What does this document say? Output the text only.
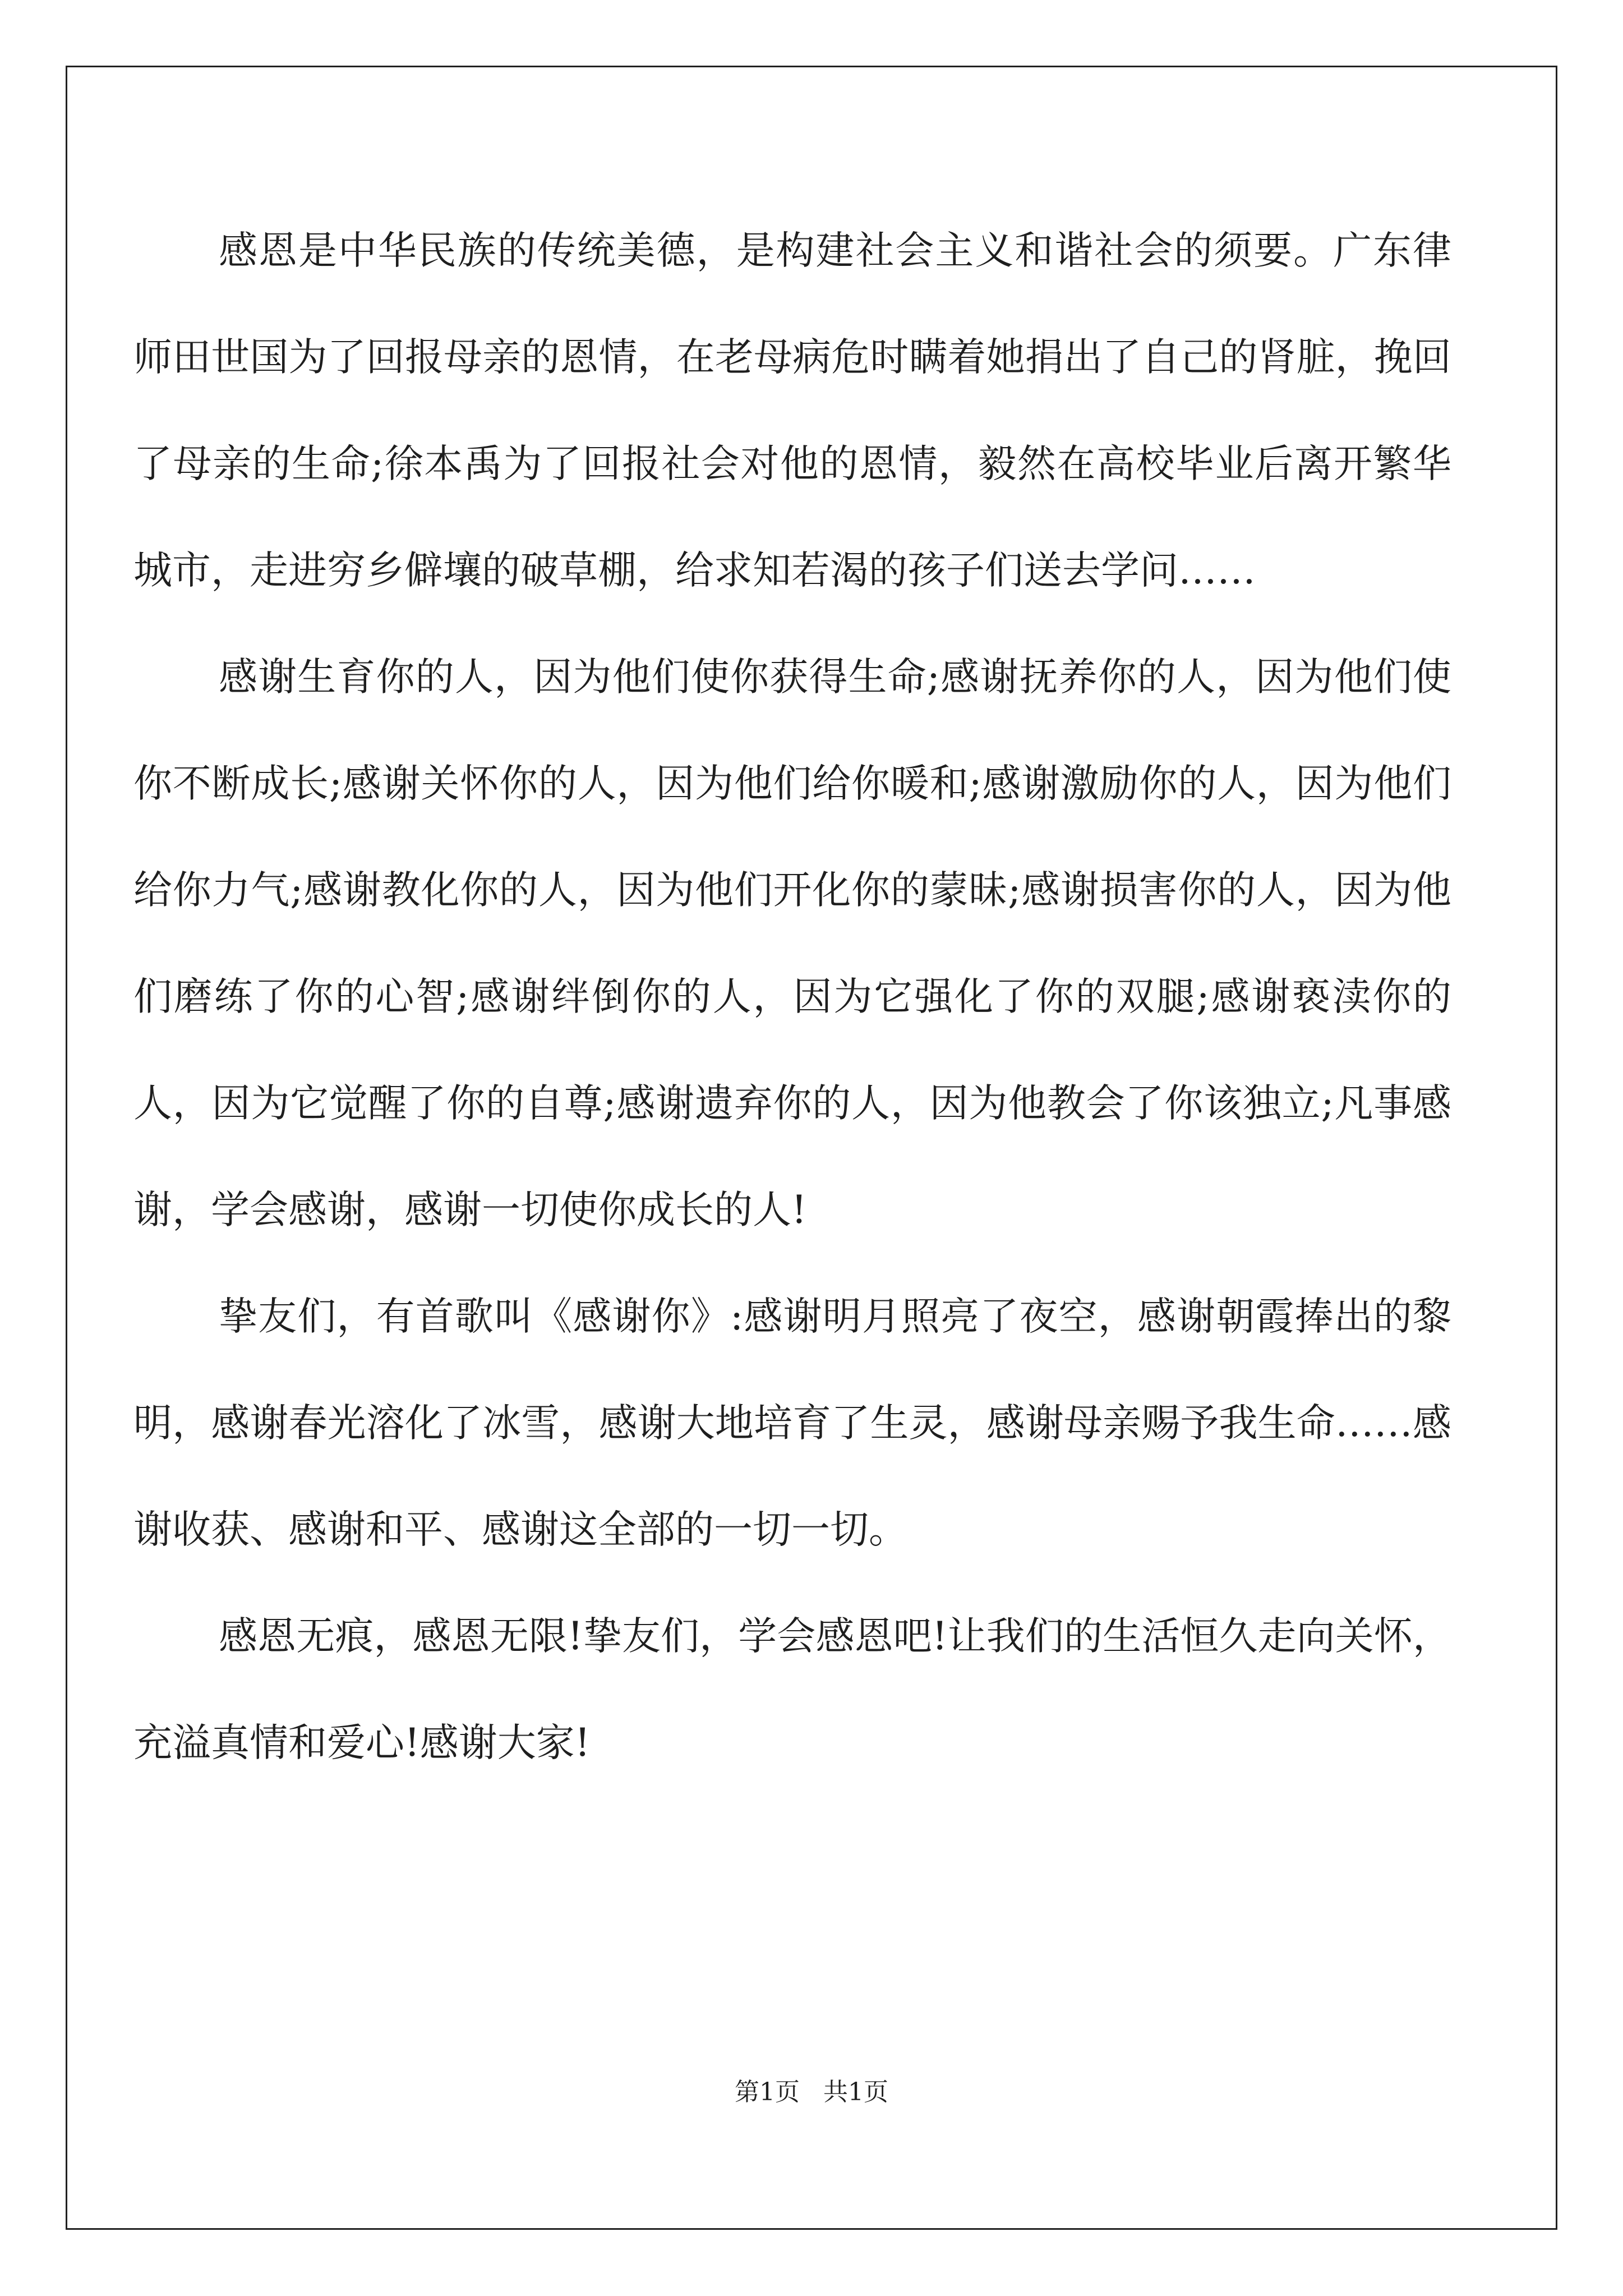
感恩是中华民族的传统美德，是构建社会主义和谐社会的须要。广东律师田世国为了回报母亲的恩情，在老母病危时瞒着她捐出了自己的肾脏，挽回了母亲的生命;徐本禹为了回报社会对他的恩情，毅然在高校毕业后离开繁华城市，走进穷乡僻壤的破草棚，给求知若渴的孩子们送去学问……

感谢生育你的人，因为他们使你获得生命;感谢抚养你的人，因为他们使你不断成长;感谢关怀你的人，因为他们给你暖和;感谢激励你的人，因为他们给你力气;感谢教化你的人，因为他们开化你的蒙昧;感谢损害你的人，因为他们磨练了你的心智;感谢绊倒你的人，因为它强化了你的双腿;感谢亵渎你的人，因为它觉醒了你的自尊;感谢遗弃你的人，因为他教会了你该独立;凡事感谢，学会感谢，感谢一切使你成长的人!

挚友们，有首歌叫《感谢你》:感谢明月照亮了夜空，感谢朝霞捧出的黎明，感谢春光溶化了冰雪，感谢大地培育了生灵，感谢母亲赐予我生命……感谢收获、感谢和平、感谢这全部的一切一切。

感恩无痕，感恩无限!挚友们，学会感恩吧!让我们的生活恒久走向关怀，充溢真情和爱心!感谢大家!

第1页   共1页
